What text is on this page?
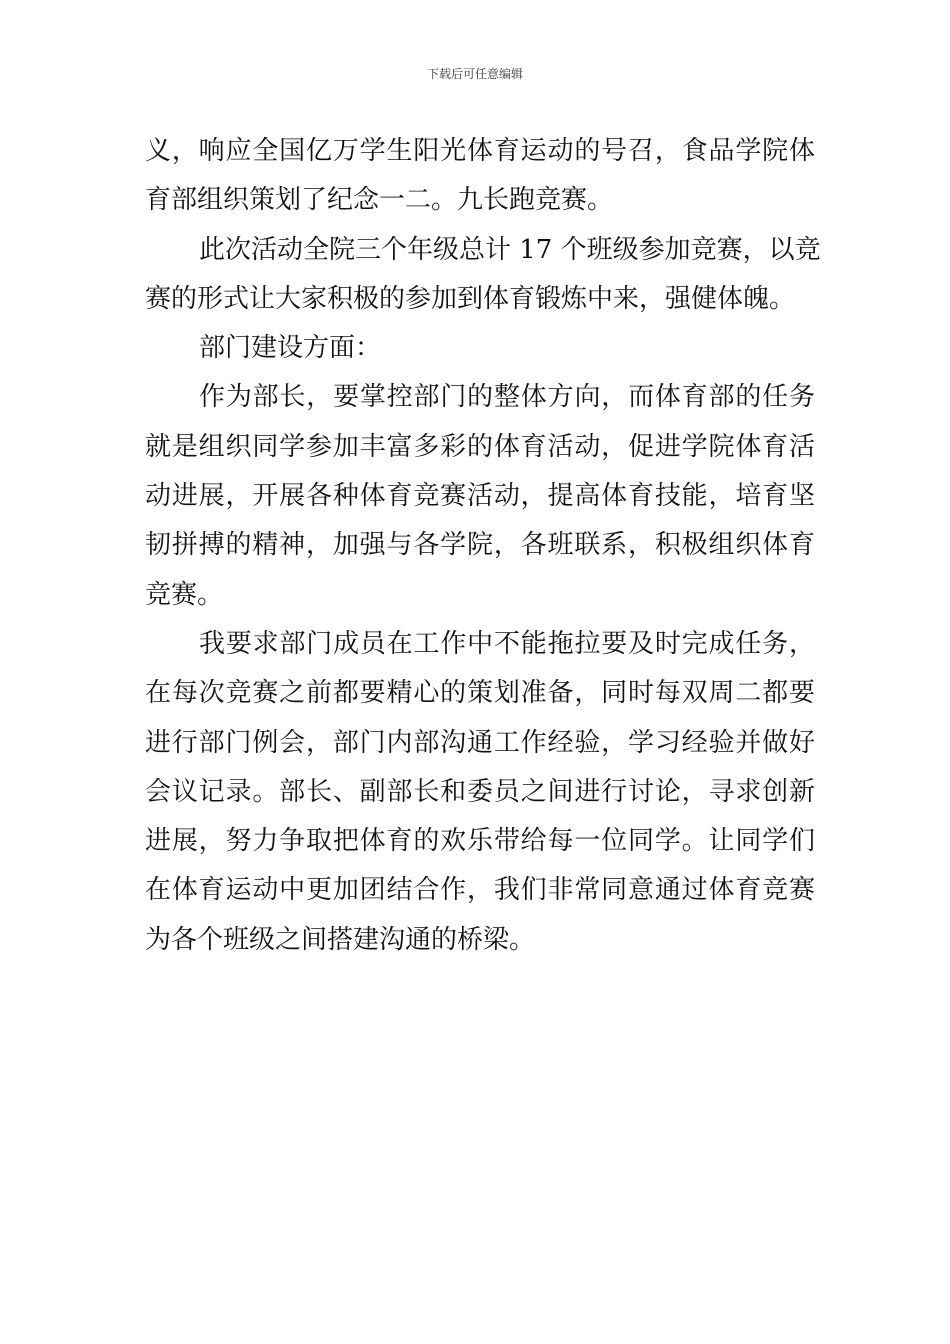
下载后可任意编辑
义，响应全国亿万学生阳光体育运动的号召，食品学院体
育部组织策划了纪念一二。九长跑竞赛。
此次活动全院三个年级总计 17 个班级参加竞赛，以竞
赛的形式让大家积极的参加到体育锻炼中来，强健体魄。
部门建设方面：
作为部长，要掌控部门的整体方向，而体育部的任务
就是组织同学参加丰富多彩的体育活动，促进学院体育活
动进展，开展各种体育竞赛活动，提高体育技能，培育坚
韧拼搏的精神，加强与各学院，各班联系，积极组织体育
竞赛。
我要求部门成员在工作中不能拖拉要及时完成任务，
在每次竞赛之前都要精心的策划准备，同时每双周二都要
进行部门例会，部门内部沟通工作经验，学习经验并做好
会议记录。部长、副部长和委员之间进行讨论，寻求创新
进展，努力争取把体育的欢乐带给每一位同学。让同学们
在体育运动中更加团结合作，我们非常同意通过体育竞赛
为各个班级之间搭建沟通的桥梁。
